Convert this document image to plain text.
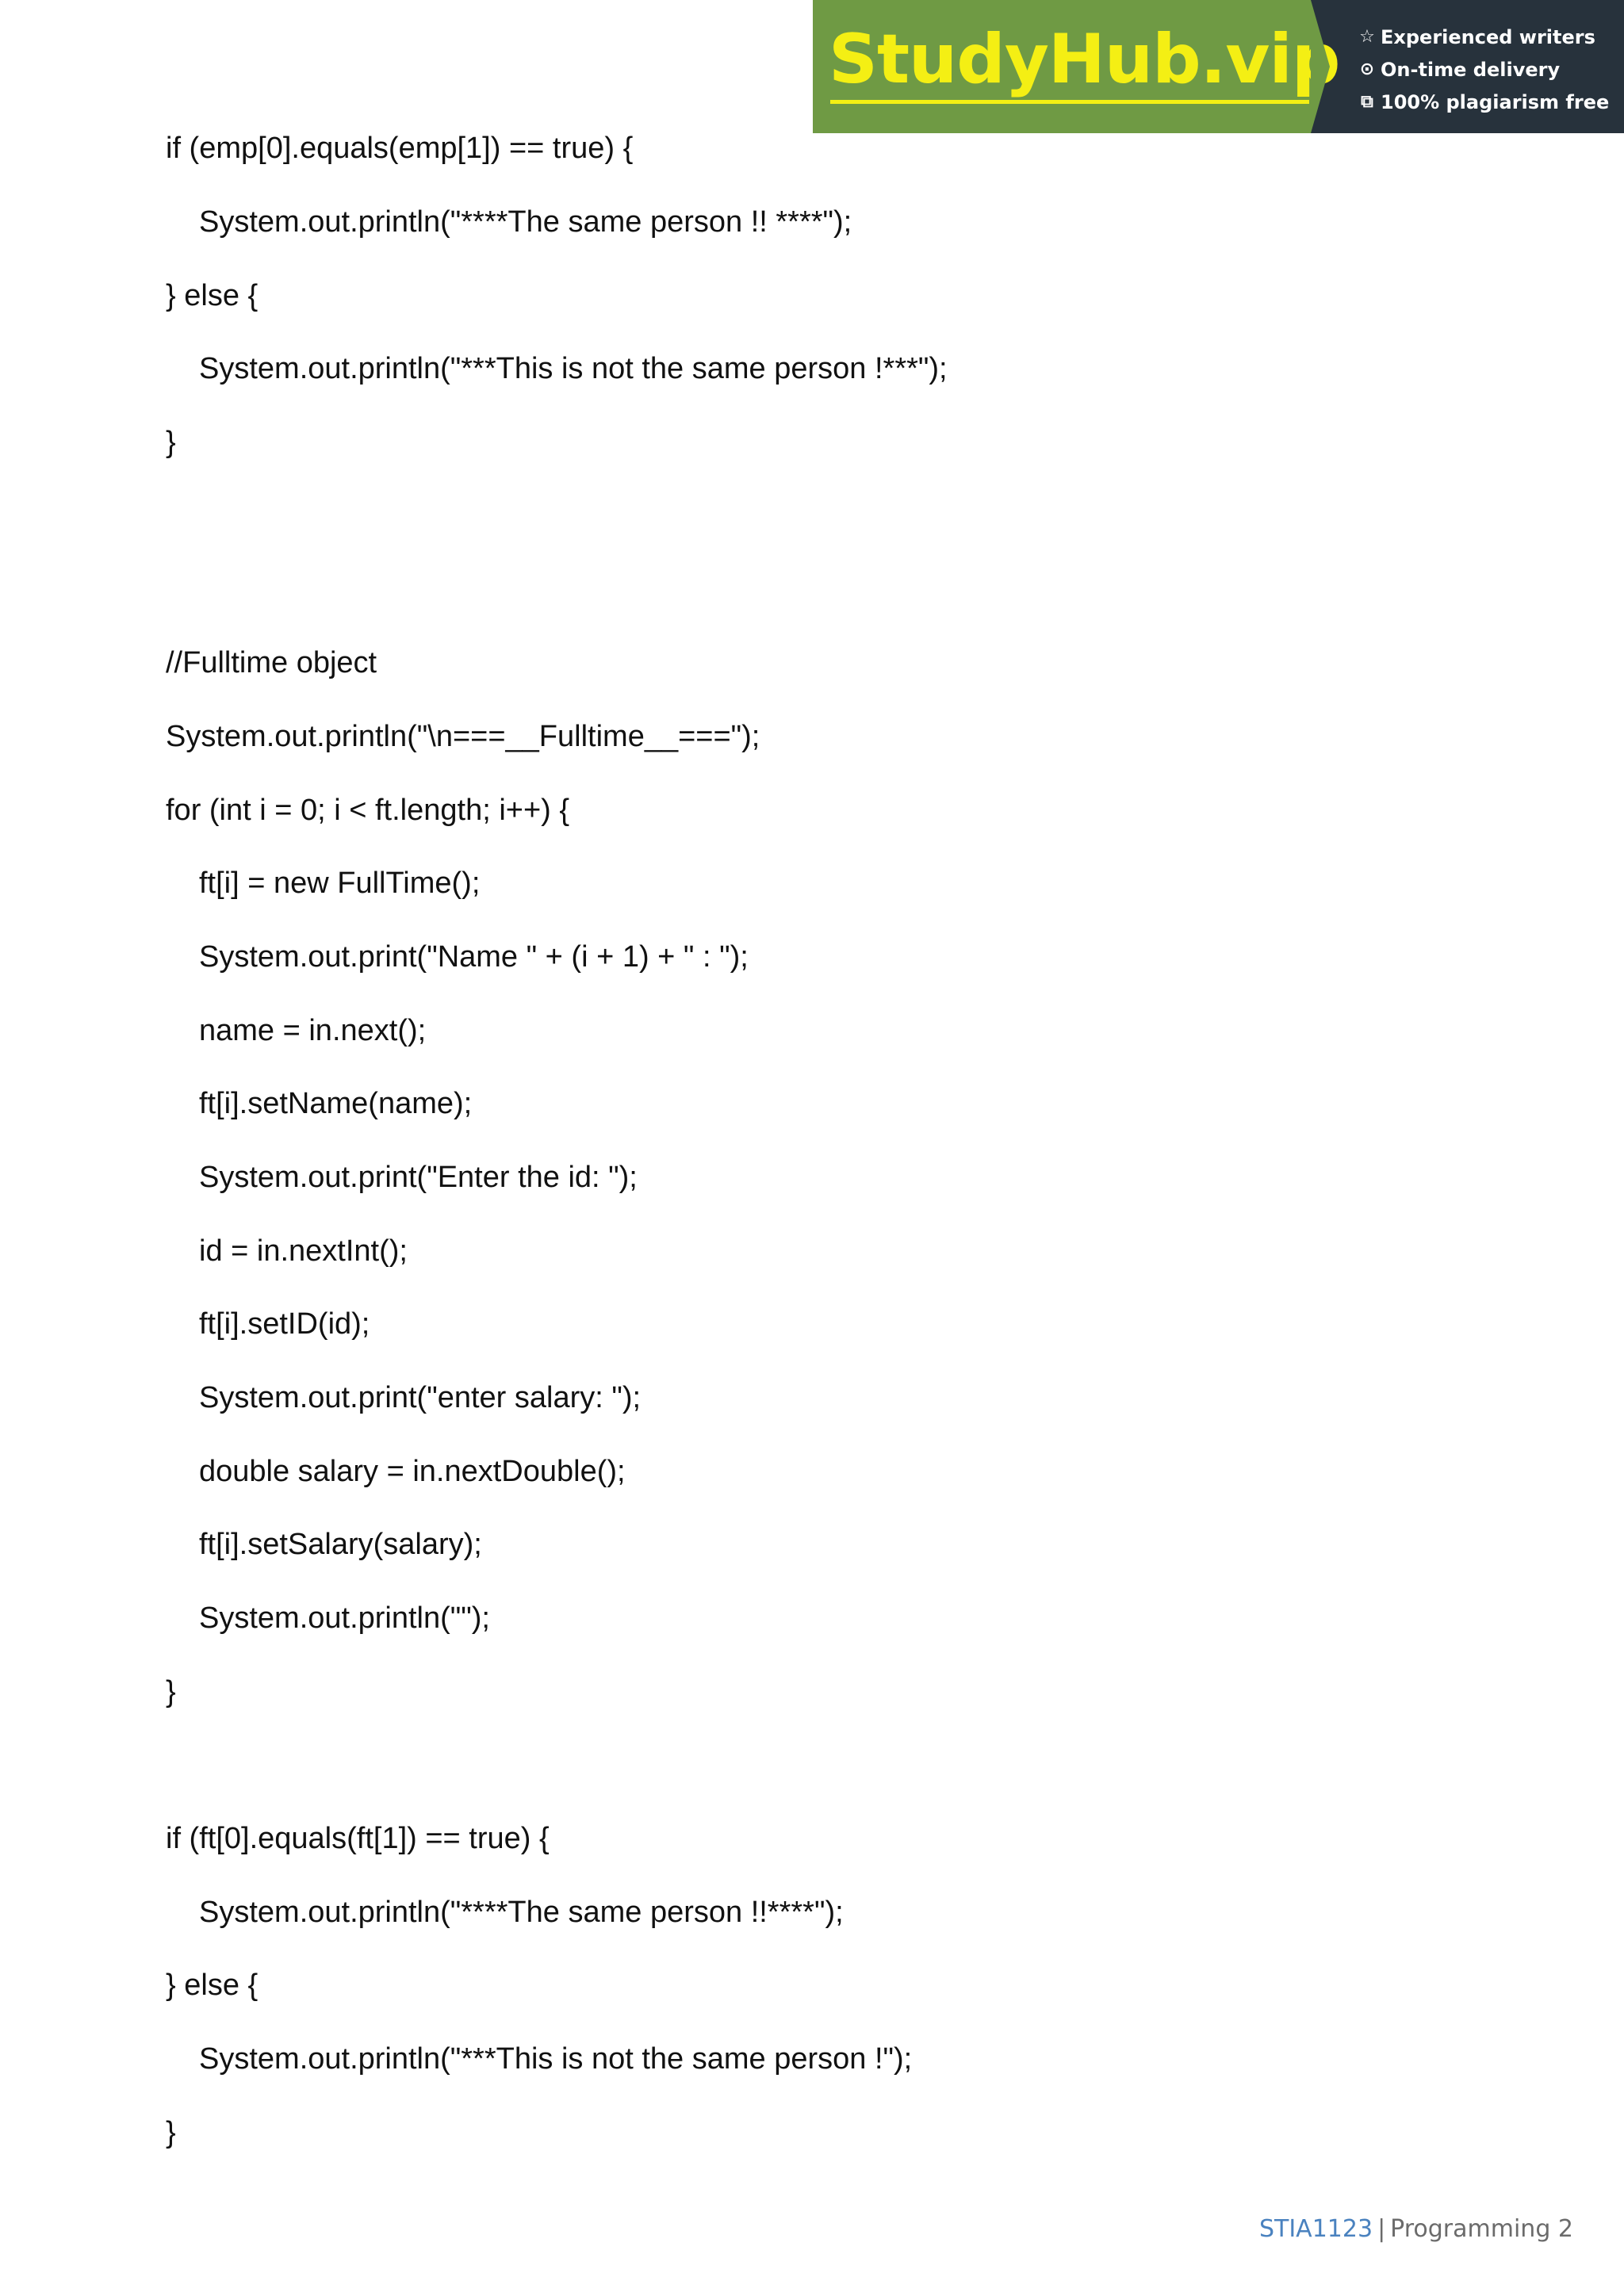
StudyHub.vip ☆ Experienced writers
⊙ On-time delivery
⧉ 100% plagiarism free
if (emp[0].equals(emp[1]) == true) {
System.out.println("****The same person !! ****");
} else {
System.out.println("***This is not the same person !***");
}
//Fulltime object
System.out.println("\n===__Fulltime__===");
for (int i = 0; i < ft.length; i++) {
ft[i] = new FullTime();
System.out.print("Name " + (i + 1) + " : ");
name = in.next();
ft[i].setName(name);
System.out.print("Enter the id: ");
id = in.nextInt();
ft[i].setID(id);
System.out.print("enter salary: ");
double salary = in.nextDouble();
ft[i].setSalary(salary);
System.out.println("");
}
if (ft[0].equals(ft[1]) == true) {
System.out.println("****The same person !!****");
} else {
System.out.println("***This is not the same person !");
}
STIA1123 | Programming 2
